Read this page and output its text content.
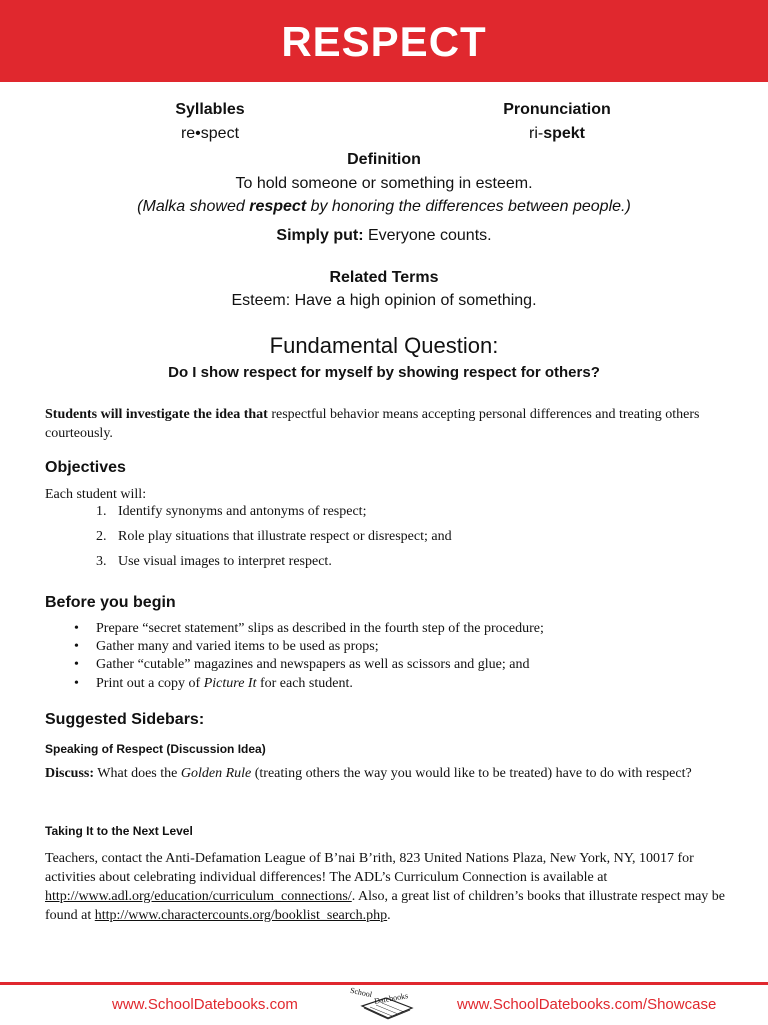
RESPECT
Syllables
re•spect
Pronunciation
ri-spekt
Definition
To hold someone or something in esteem.
(Malka showed respect by honoring the differences between people.)
Simply put: Everyone counts.
Related Terms
Esteem: Have a high opinion of something.
Fundamental Question:
Do I show respect for myself by showing respect for others?
Students will investigate the idea that respectful behavior means accepting personal differences and treating others courteously.
Objectives
Each student will:
1. Identify synonyms and antonyms of respect;
2. Role play situations that illustrate respect or disrespect; and
3. Use visual images to interpret respect.
Before you begin
• Prepare “secret statement” slips as described in the fourth step of the procedure;
• Gather many and varied items to be used as props;
• Gather “cutable” magazines and newspapers as well as scissors and glue; and
• Print out a copy of Picture It for each student.
Suggested Sidebars:
Speaking of Respect (Discussion Idea)
Discuss: What does the Golden Rule (treating others the way you would like to be treated) have to do with respect?
Taking It to the Next Level
Teachers, contact the Anti-Defamation League of B’nai B’rith, 823 United Nations Plaza, New York, NY, 10017 for activities about celebrating individual differences! The ADL’s Curriculum Connection is available at http://www.adl.org/education/curriculum_connections/. Also, a great list of children’s books that illustrate respect may be found at http://www.charactercounts.org/booklist_search.php.
www.SchoolDatebooks.com	www.SchoolDatebooks.com/Showcase
School Datebooks
